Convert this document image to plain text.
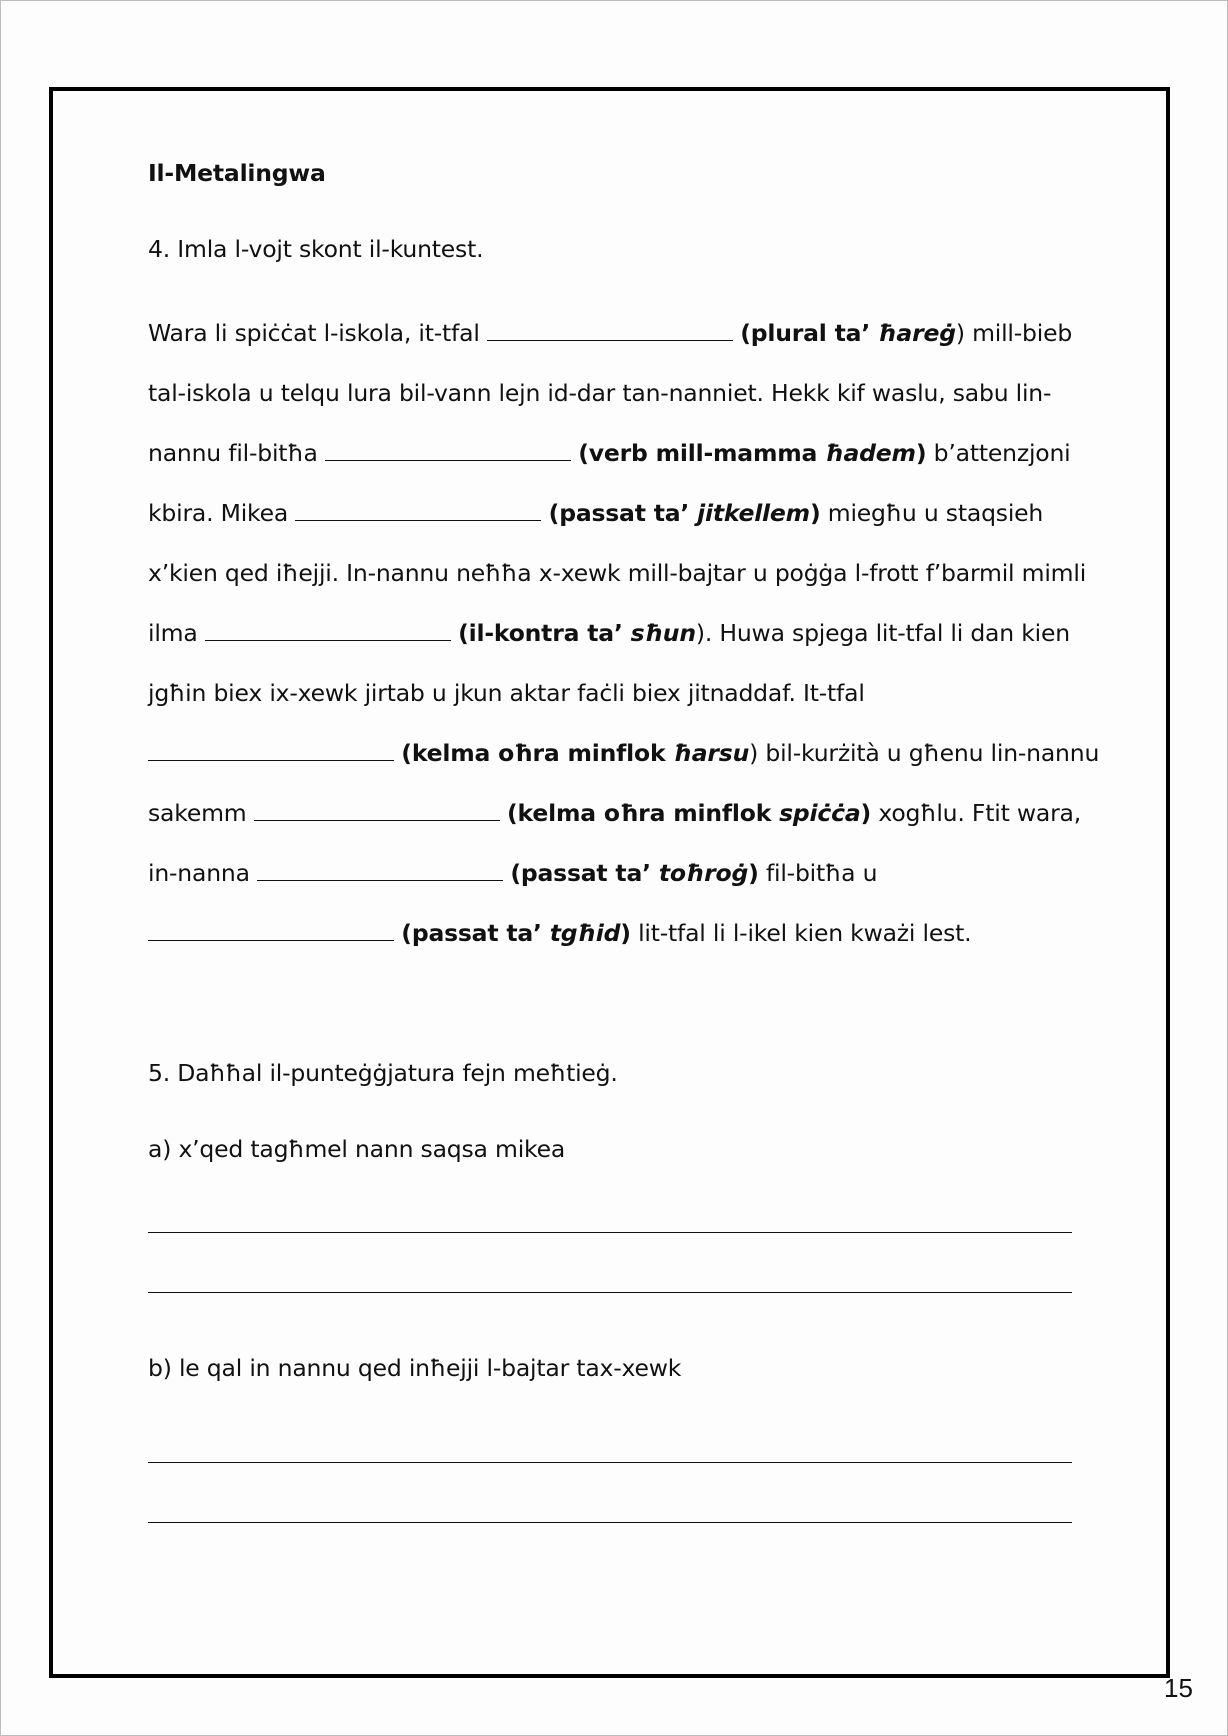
Il-Metalingwa
4. Imla l-vojt skont il-kuntest.
Wara li spiċċat l-iskola, it-tfal	(plural ta’ ħareġ) mill-bieb
tal-iskola u telqu lura bil-vann lejn id-dar tan-nanniet. Hekk kif waslu, sabu lin-
nannu fil-bitħa	(verb mill-mamma ħadem) b’attenzjoni
kbira. Mikea	(passat ta’ jitkellem) miegħu u staqsieh
x’kien qed iħejji. In-nannu neħħa x-xewk mill-bajtar u poġġa l-frott f’barmil mimli
ilma	(il-kontra ta’ sħun). Huwa spjega lit-tfal li dan kien
jgħin biex ix-xewk jirtab u jkun aktar faċli biex jitnaddaf. It-tfal
(kelma oħra minflok ħarsu) bil-kurżità u għenu lin-nannu
sakemm	(kelma oħra minflok spiċċa) xogħlu. Ftit wara,
in-nanna	(passat ta’ toħroġ) fil-bitħa u
(passat ta’ tgħid) lit-tfal li l-ikel kien kważi lest.
5. Daħħal il-punteġġjatura fejn meħtieġ.
a) x’qed tagħmel nann saqsa mikea
b) le qal in nannu qed inħejji l-bajtar tax-xewk
15
